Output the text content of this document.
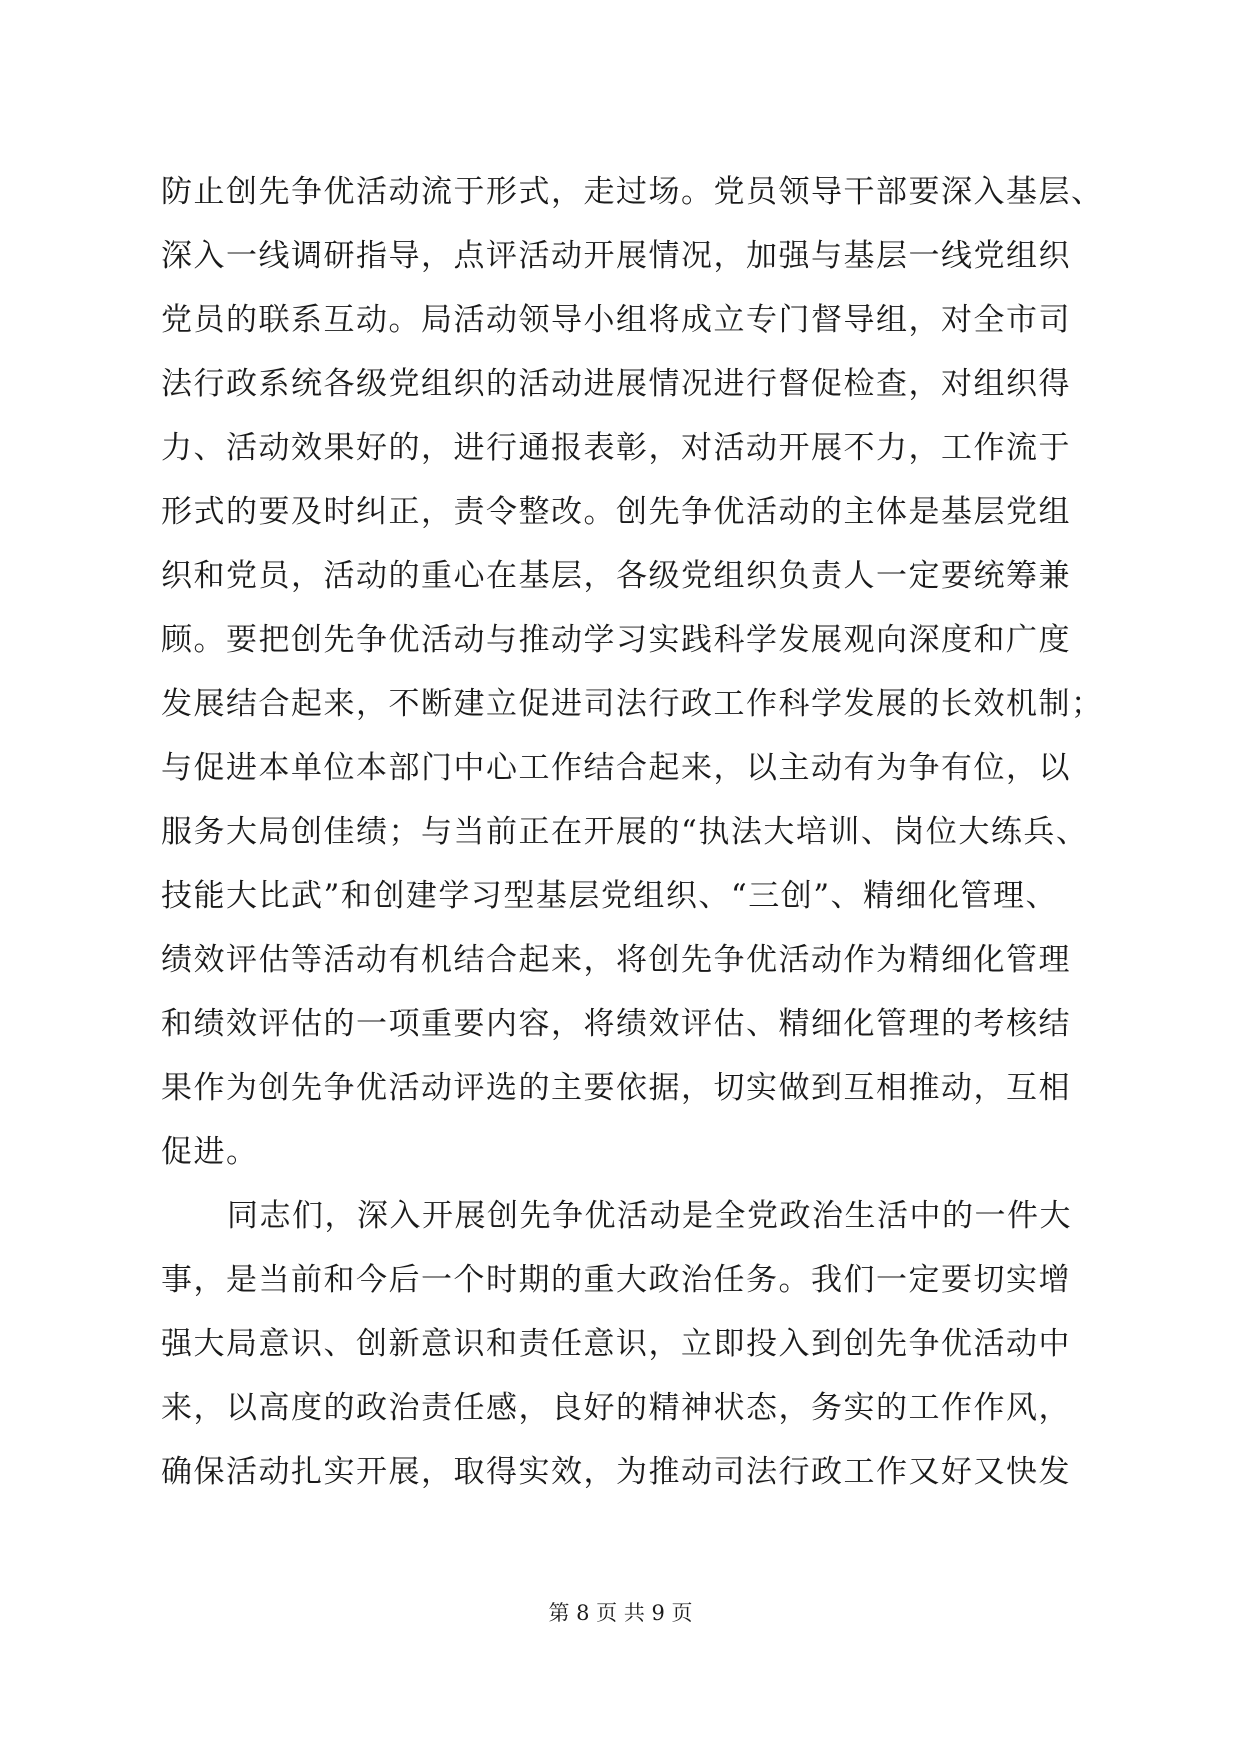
防止创先争优活动流于形式，走过场。党员领导干部要深入基层、
深入一线调研指导，点评活动开展情况，加强与基层一线党组织
党员的联系互动。局活动领导小组将成立专门督导组，对全市司
法行政系统各级党组织的活动进展情况进行督促检查，对组织得
力、活动效果好的，进行通报表彰，对活动开展不力，工作流于
形式的要及时纠正，责令整改。创先争优活动的主体是基层党组
织和党员，活动的重心在基层，各级党组织负责人一定要统筹兼
顾。要把创先争优活动与推动学习实践科学发展观向深度和广度
发展结合起来，不断建立促进司法行政工作科学发展的长效机制；
与促进本单位本部门中心工作结合起来，以主动有为争有位，以
服务大局创佳绩；与当前正在开展的“执法大培训、岗位大练兵、
技能大比武”和创建学习型基层党组织、“三创”、精细化管理、
绩效评估等活动有机结合起来，将创先争优活动作为精细化管理
和绩效评估的一项重要内容，将绩效评估、精细化管理的考核结
果作为创先争优活动评选的主要依据，切实做到互相推动，互相
促进。
同志们，深入开展创先争优活动是全党政治生活中的一件大
事，是当前和今后一个时期的重大政治任务。我们一定要切实增
强大局意识、创新意识和责任意识，立即投入到创先争优活动中
来，以高度的政治责任感，良好的精神状态，务实的工作作风，
确保活动扎实开展，取得实效，为推动司法行政工作又好又快发
第 8 页 共 9 页
